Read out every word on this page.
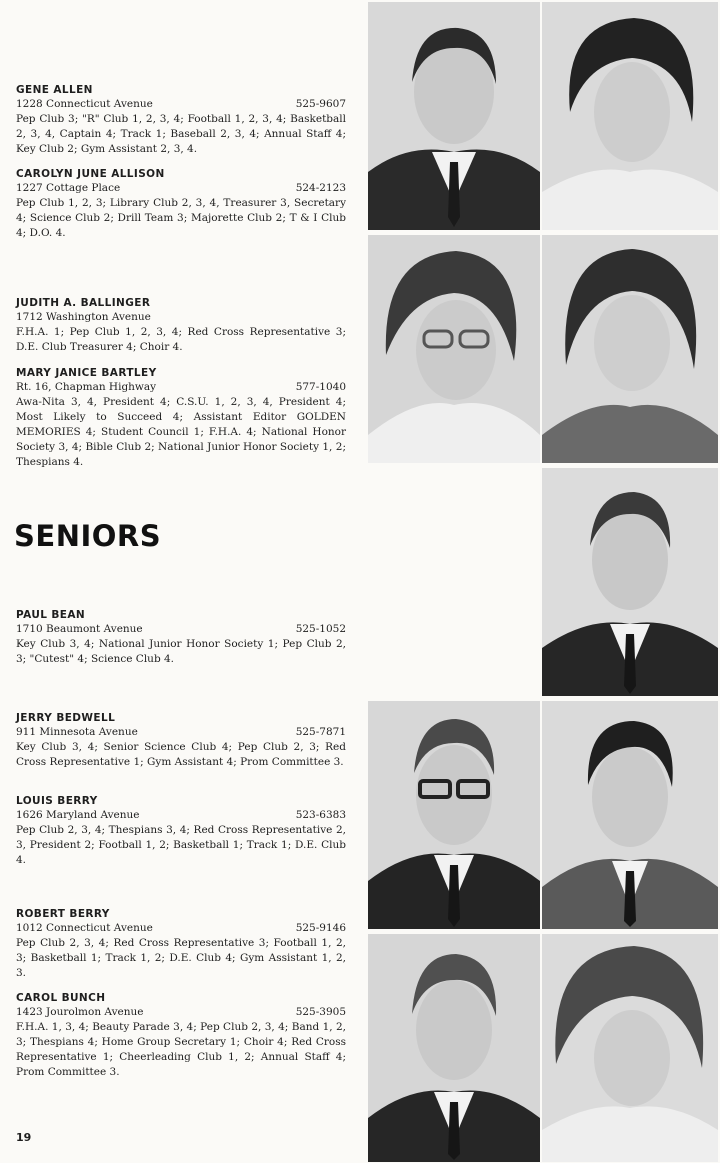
GENE ALLEN
1228 Connecticut Avenue	525-9607

Pep Club 3; "R" Club 1, 2, 3, 4; Football 1, 2, 3, 4; Basketball 2, 3, 4, Captain 4; Track 1; Baseball 2, 3, 4; Annual Staff 4; Key Club 2; Gym Assistant 2, 3, 4.

CAROLYN JUNE ALLISON
1227 Cottage Place	524-2123

Pep Club 1, 2, 3; Library Club 2, 3, 4, Treasurer 3, Secretary 4; Science Club 2; Drill Team 3; Majorette Club 2; T & I Club 4; D.O. 4.

JUDITH A. BALLINGER
1712 Washington Avenue

F.H.A. 1; Pep Club 1, 2, 3, 4; Red Cross Representative 3; D.E. Club Treasurer 4; Choir 4.

MARY JANICE BARTLEY
Rt. 16, Chapman Highway	577-1040

Awa-Nita 3, 4, President 4; C.S.U. 1, 2, 3, 4, President 4; Most Likely to Succeed 4; Assistant Editor GOLDEN MEMORIES 4; Student Council 1; F.H.A. 4; National Honor Society 3, 4; Bible Club 2; National Junior Honor Society 1, 2; Thespians 4.

SENIORS
PAUL BEAN
1710 Beaumont Avenue	525-1052

Key Club 3, 4; National Junior Honor Society 1; Pep Club 2, 3; "Cutest" 4; Science Club 4.

JERRY BEDWELL
911 Minnesota Avenue	525-7871

Key Club 3, 4; Senior Science Club 4; Pep Club 2, 3; Red Cross Representative 1; Gym Assistant 4; Prom Committee 3.

LOUIS BERRY
1626 Maryland Avenue	523-6383

Pep Club 2, 3, 4; Thespians 3, 4; Red Cross Representative 2, 3, President 2; Football 1, 2; Basketball 1; Track 1; D.E. Club 4.

ROBERT BERRY
1012 Connecticut Avenue	525-9146

Pep Club 2, 3, 4; Red Cross Representative 3; Football 1, 2, 3; Basketball 1; Track 1, 2; D.E. Club 4; Gym Assistant 1, 2, 3.

CAROL BUNCH
1423 Jourolmon Avenue	525-3905

F.H.A. 1, 3, 4; Beauty Parade 3, 4; Pep Club 2, 3, 4; Band 1, 2, 3; Thespians 4; Home Group Secretary 1; Choir 4; Red Cross Representative 1; Cheerleading Club 1, 2; Annual Staff 4; Prom Committee 3.

19
